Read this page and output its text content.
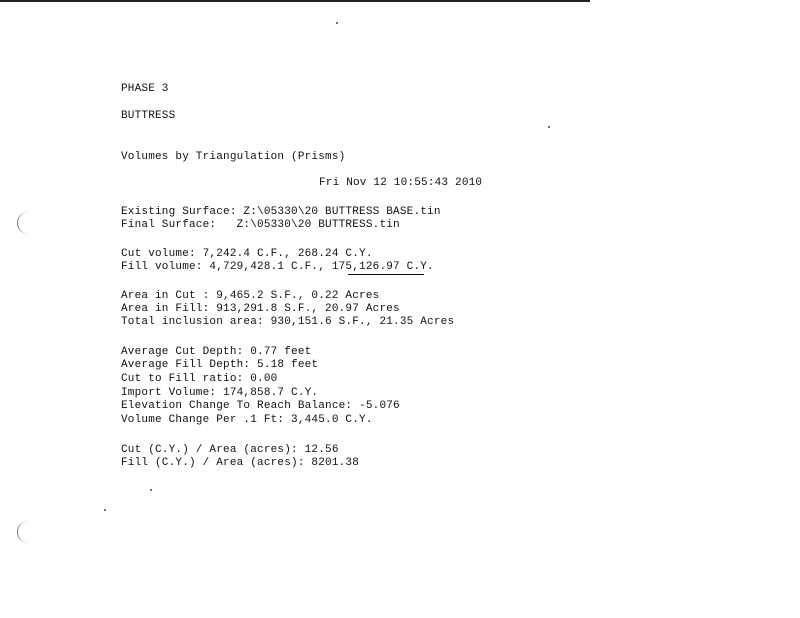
PHASE 3
BUTTRESS
Volumes by Triangulation (Prisms)
Fri Nov 12 10:55:43 2010
Existing Surface: Z:\05330\20 BUTTRESS BASE.tin
Final Surface:   Z:\05330\20 BUTTRESS.tin
Cut volume: 7,242.4 C.F., 268.24 C.Y.
Fill volume: 4,729,428.1 C.F., 175,126.97 C.Y.
Area in Cut : 9,465.2 S.F., 0.22 Acres
Area in Fill: 913,291.8 S.F., 20.97 Acres
Total inclusion area: 930,151.6 S.F., 21.35 Acres
Average Cut Depth: 0.77 feet
Average Fill Depth: 5.18 feet
Cut to Fill ratio: 0.00
Import Volume: 174,858.7 C.Y.
Elevation Change To Reach Balance: -5.076
Volume Change Per .1 Ft: 3,445.0 C.Y.
Cut (C.Y.) / Area (acres): 12.56
Fill (C.Y.) / Area (acres): 8201.38
